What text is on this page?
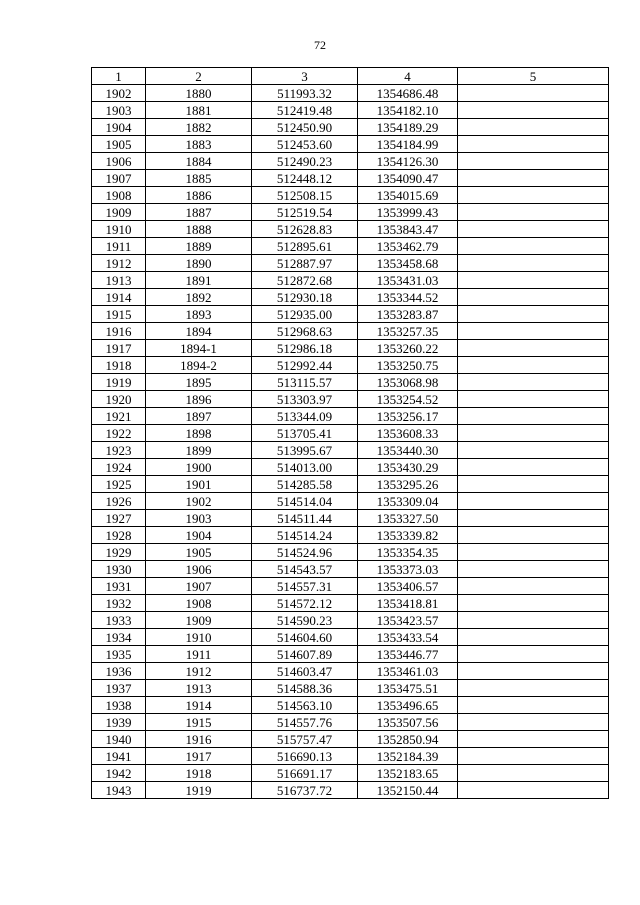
72
1	2	3	4	5
1902	1880	511993.32	1354686.48	
1903	1881	512419.48	1354182.10	
1904	1882	512450.90	1354189.29	
1905	1883	512453.60	1354184.99	
1906	1884	512490.23	1354126.30	
1907	1885	512448.12	1354090.47	
1908	1886	512508.15	1354015.69	
1909	1887	512519.54	1353999.43	
1910	1888	512628.83	1353843.47	
1911	1889	512895.61	1353462.79	
1912	1890	512887.97	1353458.68	
1913	1891	512872.68	1353431.03	
1914	1892	512930.18	1353344.52	
1915	1893	512935.00	1353283.87	
1916	1894	512968.63	1353257.35	
1917	1894-1	512986.18	1353260.22	
1918	1894-2	512992.44	1353250.75	
1919	1895	513115.57	1353068.98	
1920	1896	513303.97	1353254.52	
1921	1897	513344.09	1353256.17	
1922	1898	513705.41	1353608.33	
1923	1899	513995.67	1353440.30	
1924	1900	514013.00	1353430.29	
1925	1901	514285.58	1353295.26	
1926	1902	514514.04	1353309.04	
1927	1903	514511.44	1353327.50	
1928	1904	514514.24	1353339.82	
1929	1905	514524.96	1353354.35	
1930	1906	514543.57	1353373.03	
1931	1907	514557.31	1353406.57	
1932	1908	514572.12	1353418.81	
1933	1909	514590.23	1353423.57	
1934	1910	514604.60	1353433.54	
1935	1911	514607.89	1353446.77	
1936	1912	514603.47	1353461.03	
1937	1913	514588.36	1353475.51	
1938	1914	514563.10	1353496.65	
1939	1915	514557.76	1353507.56	
1940	1916	515757.47	1352850.94	
1941	1917	516690.13	1352184.39	
1942	1918	516691.17	1352183.65	
1943	1919	516737.72	1352150.44	
